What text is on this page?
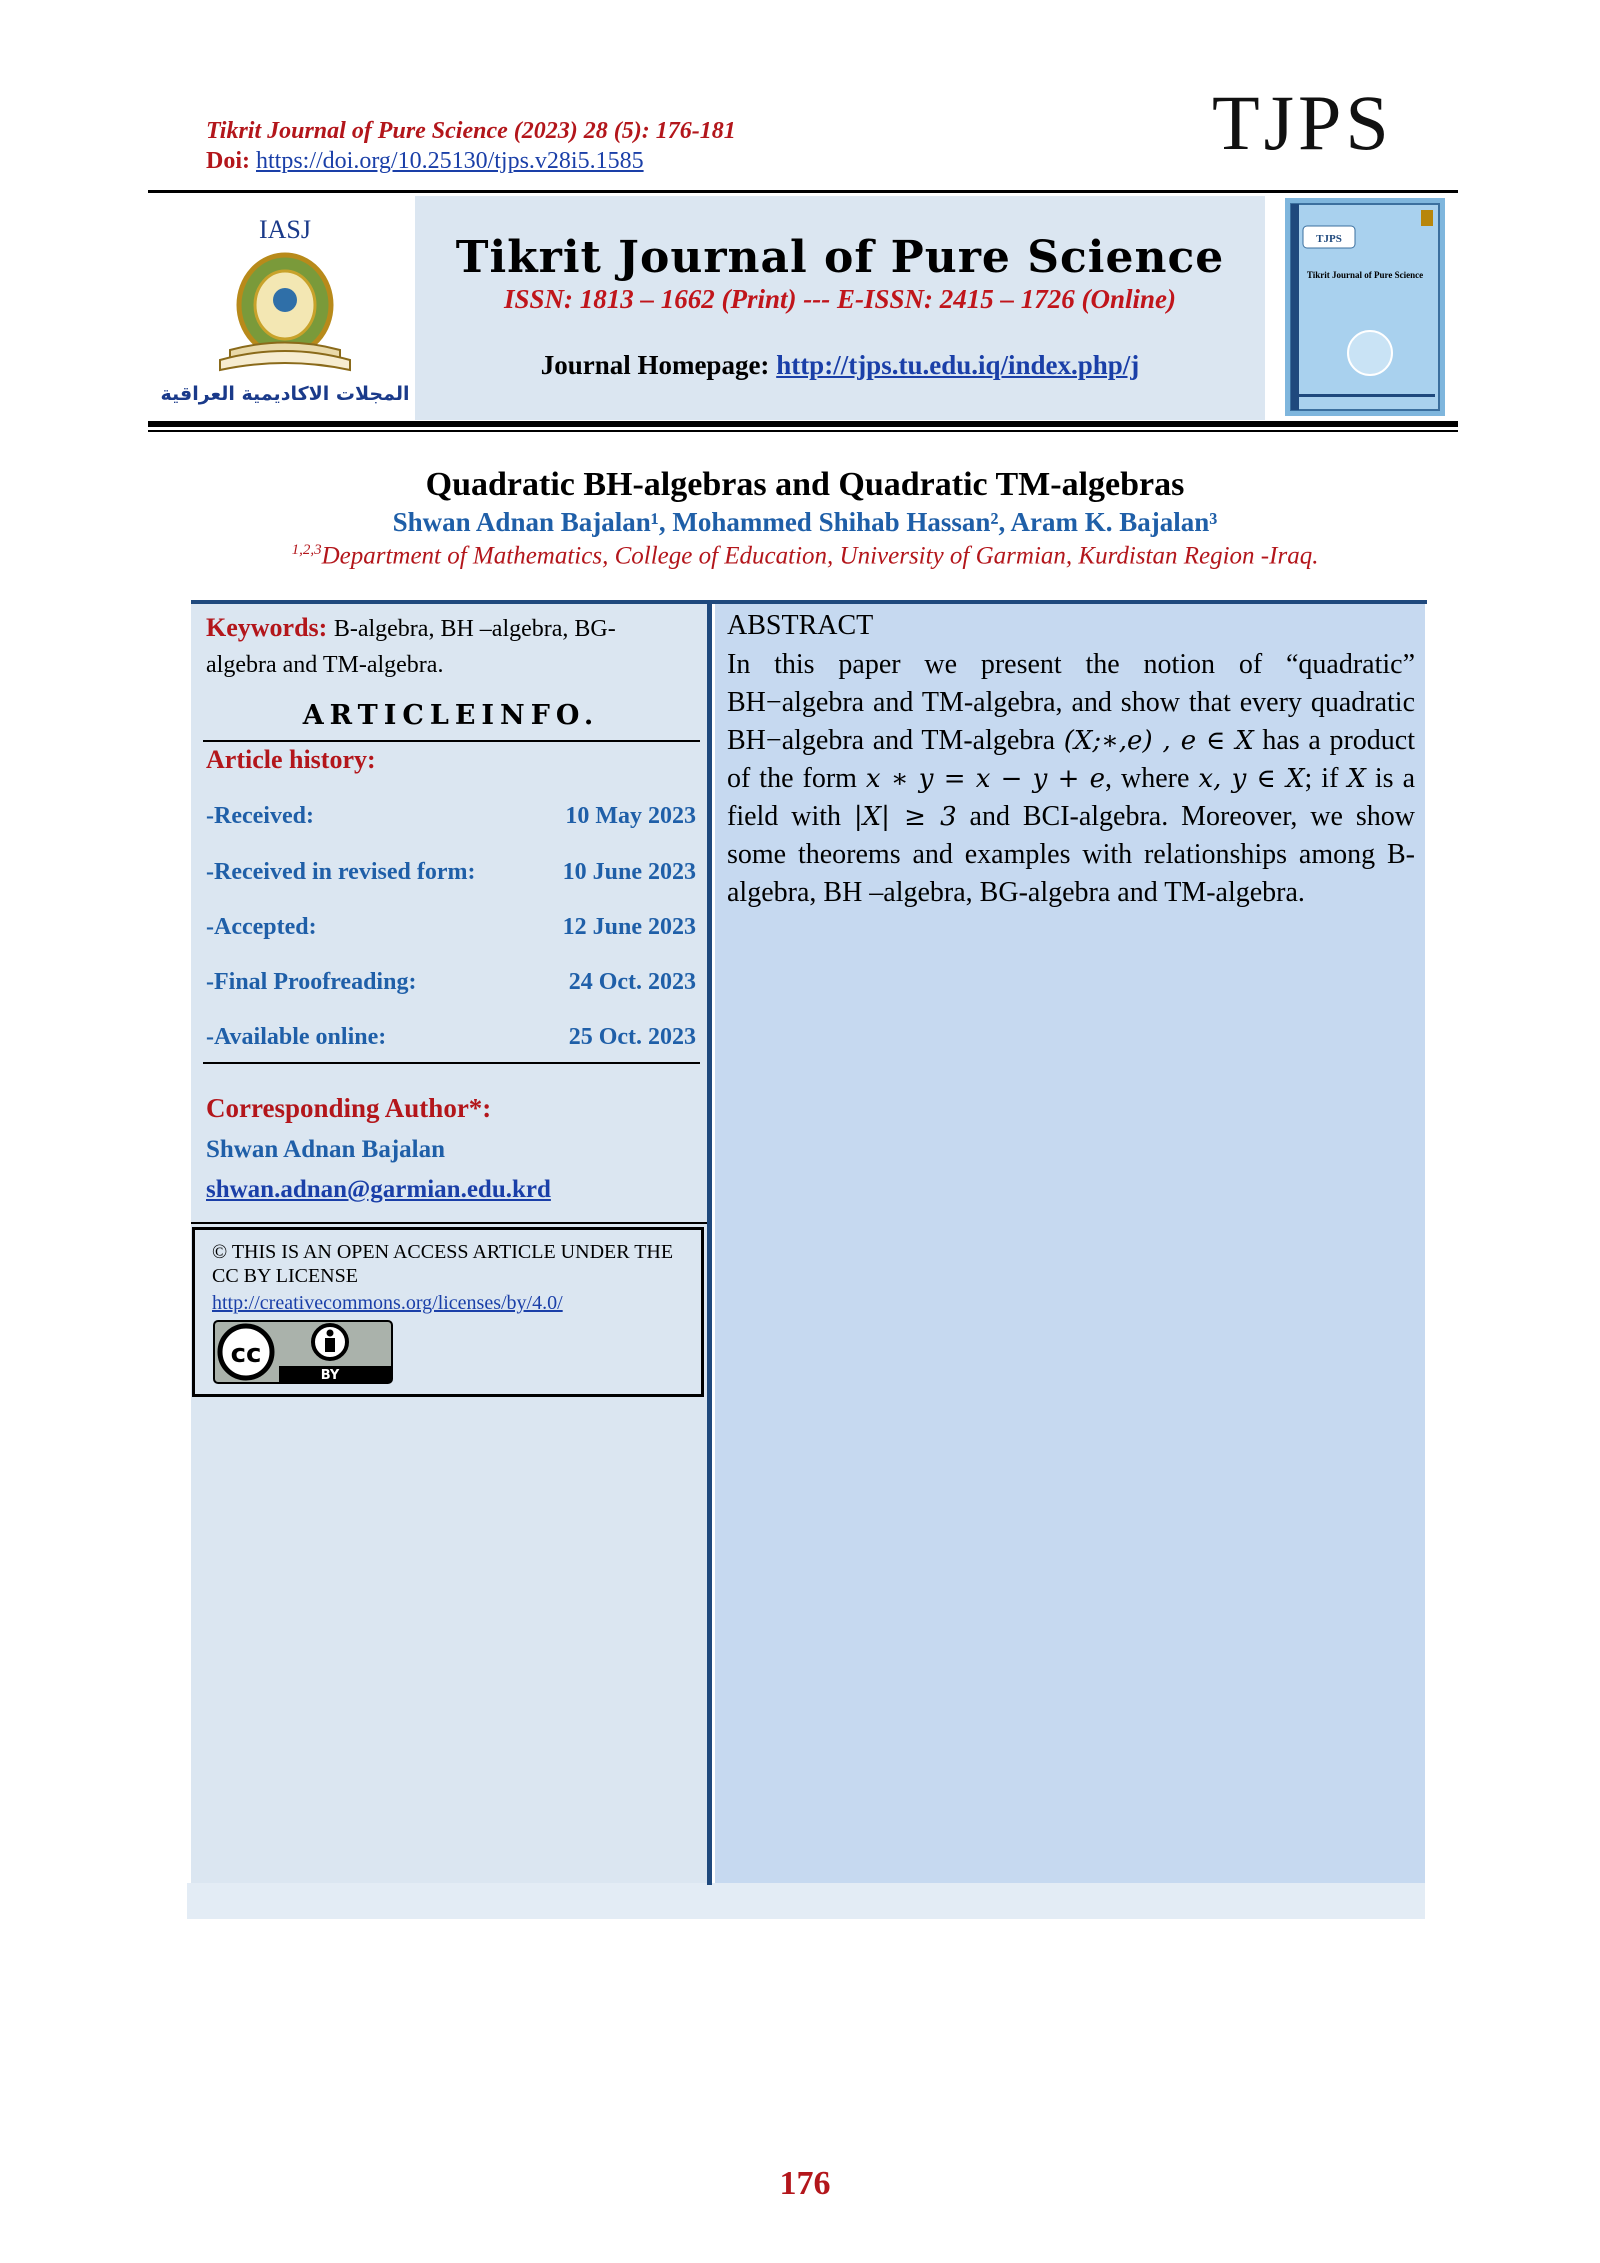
Tikrit Journal of Pure Science (2023) 28 (5): 176-181
Doi: https://doi.org/10.25130/tjps.v28i5.1585	TJPS
Tikrit Journal of Pure Science
ISSN: 1813 – 1662 (Print) --- E-ISSN: 2415 – 1726 (Online)
Journal Homepage: http://tjps.tu.edu.iq/index.php/j
IASJ
المجلات الاكاديمية العراقية
TJPS
Tikrit Journal of Pure Science
Quadratic BH-algebras and Quadratic TM-algebras
Shwan Adnan Bajalan¹, Mohammed Shihab Hassan², Aram K. Bajalan³
$^{1,2,3}$Department of Mathematics, College of Education, University of Garmian, Kurdistan Region -Iraq.
Keywords: B-algebra, BH –algebra, BG-algebra and TM-algebra.
ARTICLEINFO.
Article history:
-Received:	10 May 2023
-Received in revised form:	10 June 2023
-Accepted:	12 June 2023
-Final Proofreading:	24 Oct. 2023
-Available online:	25 Oct. 2023
Corresponding Author*:
Shwan Adnan Bajalan
shwan.adnan@garmian.edu.krd
© THIS IS AN OPEN ACCESS ARTICLE UNDER THE CC BY LICENSE
http://creativecommons.org/licenses/by/4.0/
cc
BY
ABSTRACT
In this paper we present the notion of “quadratic” BH−algebra and TM-algebra, and show that every quadratic BH−algebra and TM-algebra (X;∗,e) , e ∈ X has a product of the form x ∗ y = x − y + e, where x, y ∈ X; if X is a field with |X| ≥ 3 and BCI-algebra. Moreover, we show some theorems and examples with relationships among B-algebra, BH –algebra, BG-algebra and TM-algebra.
176
